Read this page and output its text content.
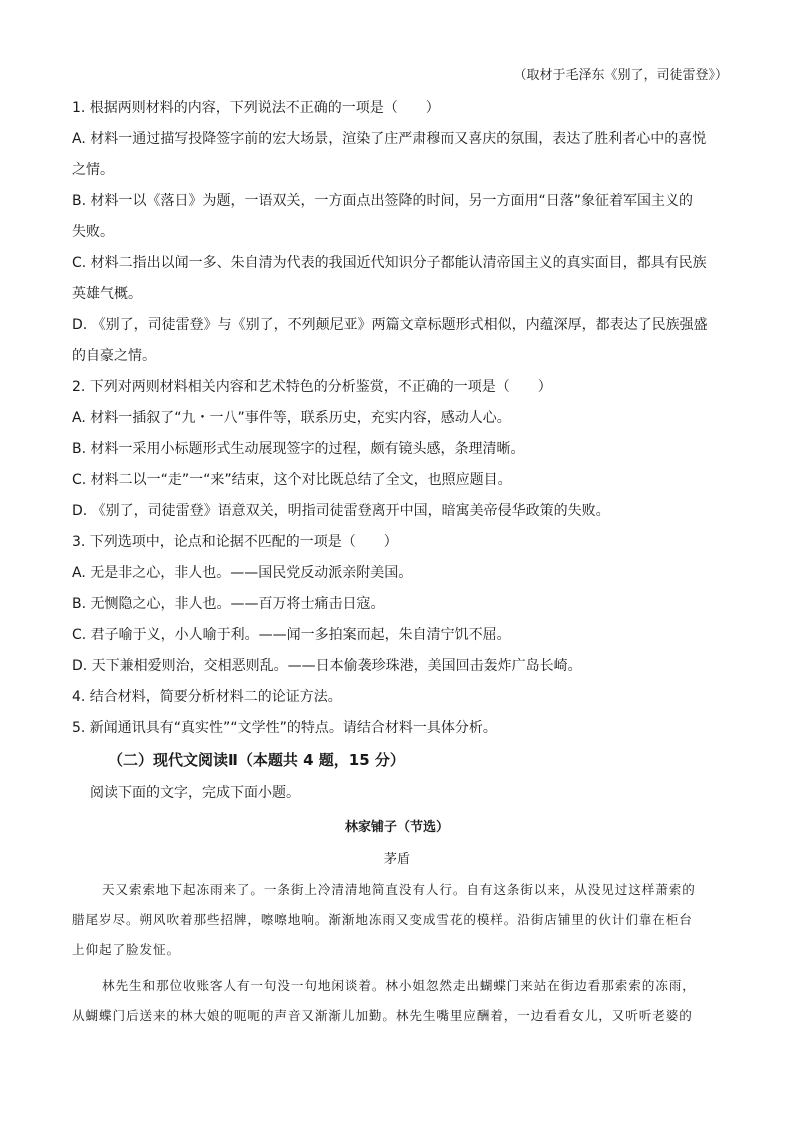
（取材于毛泽东《别了，司徒雷登》）
1. 根据两则材料的内容，下列说法不正确的一项是（　　）
A. 材料一通过描写投降签字前的宏大场景，渲染了庄严肃穆而又喜庆的氛围，表达了胜利者心中的喜悦
之情。
B. 材料一以《落日》为题，一语双关，一方面点出签降的时间，另一方面用“日落”象征着军国主义的
失败。
C. 材料二指出以闻一多、朱自清为代表的我国近代知识分子都能认清帝国主义的真实面目，都具有民族
英雄气概。
D. 《别了，司徒雷登》与《别了，不列颠尼亚》两篇文章标题形式相似，内蕴深厚，都表达了民族强盛
的自豪之情。
2. 下列对两则材料相关内容和艺术特色的分析鉴赏，不正确的一项是（　　）
A. 材料一插叙了“九・一八”事件等，联系历史，充实内容，感动人心。
B. 材料一采用小标题形式生动展现签字的过程，颇有镜头感，条理清晰。
C. 材料二以一“走”一“来”结束，这个对比既总结了全文，也照应题目。
D. 《别了，司徒雷登》语意双关，明指司徒雷登离开中国，暗寓美帝侵华政策的失败。
3. 下列选项中，论点和论据不匹配的一项是（　　）
A. 无是非之心，非人也。——国民党反动派亲附美国。
B. 无恻隐之心，非人也。——百万将士痛击日寇。
C. 君子喻于义，小人喻于利。——闻一多拍案而起，朱自清宁饥不屈。
D. 天下兼相爱则治，交相恶则乱。——日本偷袭珍珠港，美国回击轰炸广岛长崎。
4. 结合材料，简要分析材料二的论证方法。
5. 新闻通讯具有“真实性”“文学性”的特点。请结合材料一具体分析。
（二）现代文阅读Ⅱ（本题共 4 题，15 分）
阅读下面的文字，完成下面小题。
林家铺子（节选）
茅盾
天又索索地下起冻雨来了。一条街上冷清清地简直没有人行。自有这条街以来，从没见过这样萧索的
腊尾岁尽。朔风吹着那些招牌，嚓嚓地响。渐渐地冻雨又变成雪花的模样。沿街店铺里的伙计们靠在柜台
上仰起了脸发怔。
林先生和那位收账客人有一句没一句地闲谈着。林小姐忽然走出蝴蝶门来站在街边看那索索的冻雨，
从蝴蝶门后送来的林大娘的呃呃的声音又渐渐儿加勤。林先生嘴里应酬着，一边看看女儿，又听听老婆的
